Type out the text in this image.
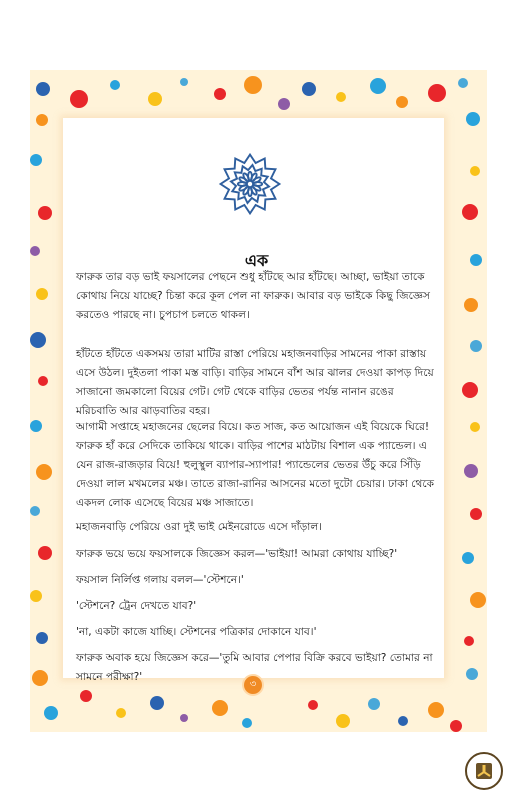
এক

ফারুক তার বড় ভাই ফয়সালের পেছনে শুধু হাঁটছে আর হাঁটছে। আচ্ছা, ভাইয়া তাকে কোথায় নিয়ে যাচ্ছে? চিন্তা করে কূল পেল না ফারুক। আবার বড় ভাইকে কিছু জিজ্ঞেস করতেও পারছে না। চুপচাপ চলতে থাকল।

হাঁটতে হাঁটতে একসময় তারা মাটির রাস্তা পেরিয়ে মহাজনবাড়ির সামনের পাকা রাস্তায় এসে উঠল। দুইতলা পাকা মস্ত বাড়ি। বাড়ির সামনে বাঁশ আর ঝালর দেওয়া কাপড় দিয়ে সাজানো জমকালো বিয়ের গেট। গেট থেকে বাড়ির ভেতর পর্যন্ত নানান রঙের মরিচবাতি আর ঝাড়বাতির বহর।

আগামী সপ্তাহে মহাজনের ছেলের বিয়ে। কত সাজ, কত আয়োজন এই বিয়েকে ঘিরে! ফারুক হাঁ করে সেদিকে তাকিয়ে থাকে। বাড়ির পাশের মাঠটায় বিশাল এক প্যান্ডেল। এ যেন রাজ-রাজড়ার বিয়ে! হুলুস্থুল ব্যাপার-স্যাপার! প্যান্ডেলের ভেতর উঁচু করে সিঁড়ি দেওয়া লাল মখমলের মঞ্চ। তাতে রাজা-রানির আসনের মতো দুটো চেয়ার। ঢাকা থেকে একদল লোক এসেছে বিয়ের মঞ্চ সাজাতে।

মহাজনবাড়ি পেরিয়ে ওরা দুই ভাই মেইনরোডে এসে দাঁড়াল।

ফারুক ভয়ে ভয়ে ফয়সালকে জিজ্ঞেস করল—'ভাইয়া! আমরা কোথায় যাচ্ছি?'

ফয়সাল নির্লিপ্ত গলায় বলল—'স্টেশনে।'

'স্টেশনে? ট্রেন দেখতে যাব?'

'না, একটা কাজে যাচ্ছি। স্টেশনের পত্রিকার দোকানে যাব।'

ফারুক অবাক হয়ে জিজ্ঞেস করে—'তুমি আবার পেপার বিক্রি করবে ভাইয়া? তোমার না সামনে পরীক্ষা?'

৩
